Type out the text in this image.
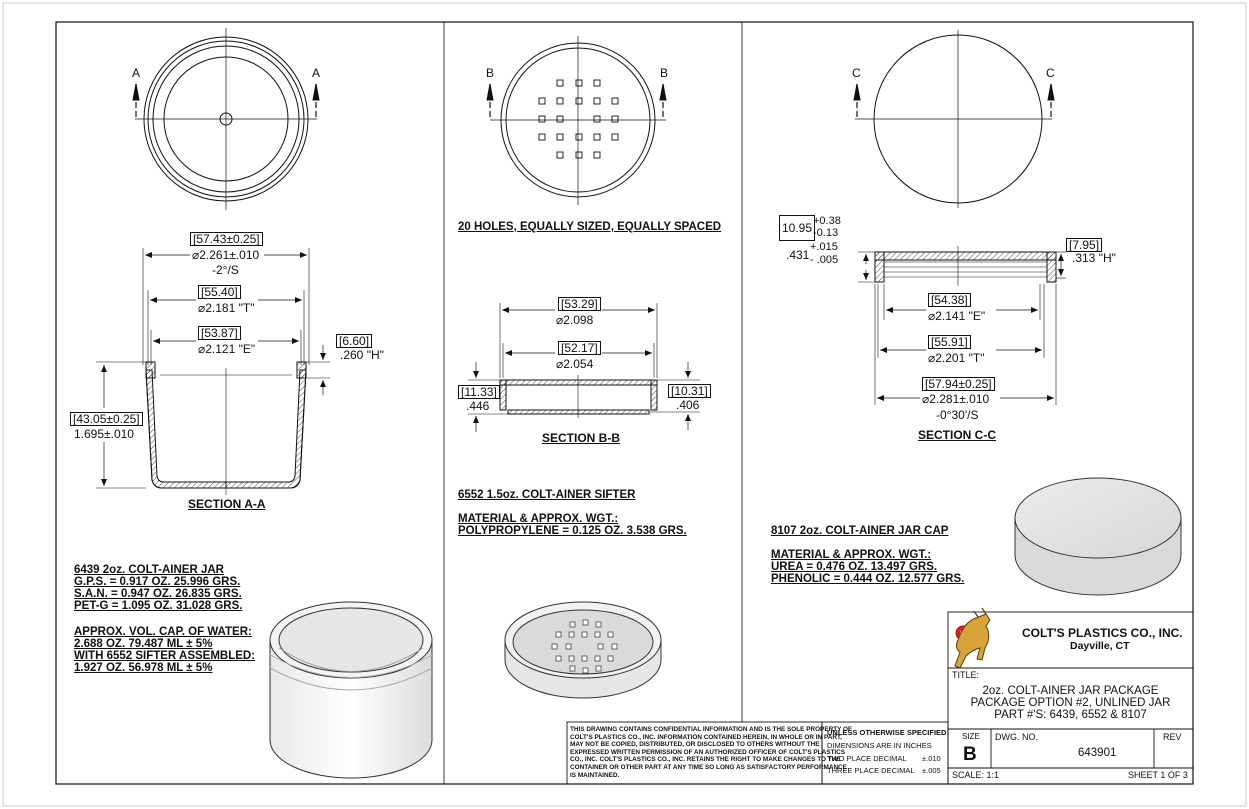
A	A
[57.43±0.25]
⌀2.261±.010
-2°/S
[55.40]
⌀2.181 "T"
[53.87]
⌀2.121 "E"
[6.60]
.260 "H"
[43.05±0.25]
1.695±.010
SECTION A-A
6439 2oz. COLT-AINER JAR
G.P.S. = 0.917 OZ. 25.996 GRS.
S.A.N. = 0.947 OZ. 26.835 GRS.
PET-G = 1.095 OZ. 31.028 GRS.
APPROX. VOL. CAP. OF WATER:
2.688 OZ. 79.487 ML ± 5%
WITH 6552 SIFTER ASSEMBLED:
1.927 OZ. 56.978 ML ± 5%
B	B
20 HOLES, EQUALLY SIZED, EQUALLY SPACED
[53.29]
⌀2.098
[52.17]
⌀2.054
[11.33]
.446
[10.31]
.406
SECTION B-B
6552 1.5oz. COLT-AINER SIFTER
MATERIAL & APPROX. WGT.:
POLYPROPYLENE = 0.125 OZ. 3.538 GRS.
C	C
10.95 +0.38
-0.13
.431
+.015
- .005
[7.95]
.313 "H"
[54.38]
⌀2.141 "E"
[55.91]
⌀2.201 "T"
[57.94±0.25]
⌀2.281±.010
-0°30'/S
SECTION C-C
8107 2oz. COLT-AINER JAR CAP
MATERIAL & APPROX. WGT.:
UREA = 0.476 OZ. 13.497 GRS.
PHENOLIC = 0.444 OZ. 12.577 GRS.
COLT'S PLASTICS CO., INC.
Dayville, CT
TITLE:
2oz. COLT-AINER JAR PACKAGE
PACKAGE OPTION #2, UNLINED JAR
PART #'S: 6439, 6552 & 8107
SIZE
B
DWG. NO.
643901
REV
SCALE: 1:1	SHEET 1 OF 3
UNLESS OTHERWISE SPECIFIED:
DIMENSIONS ARE IN INCHES
TWO PLACE DECIMAL ±.010
THREE PLACE DECIMAL ±.005
THIS DRAWING CONTAINS CONFIDENTIAL INFORMATION AND IS THE SOLE PROPERTY OF COLT'S PLASTICS CO., INC. INFORMATION CONTAINED HEREIN, IN WHOLE OR IN PART, MAY NOT BE COPIED, DISTRIBUTED, OR DISCLOSED TO OTHERS WITHOUT THE EXPRESSED WRITTEN PERMISSION OF AN AUTHORIZED OFFICER OF COLT'S PLASTICS CO., INC. COLT'S PLASTICS CO., INC. RETAINS THE RIGHT TO MAKE CHANGES TO THE CONTAINER OR OTHER PART AT ANY TIME SO LONG AS SATISFACTORY PERFORMANCE IS MAINTAINED.
